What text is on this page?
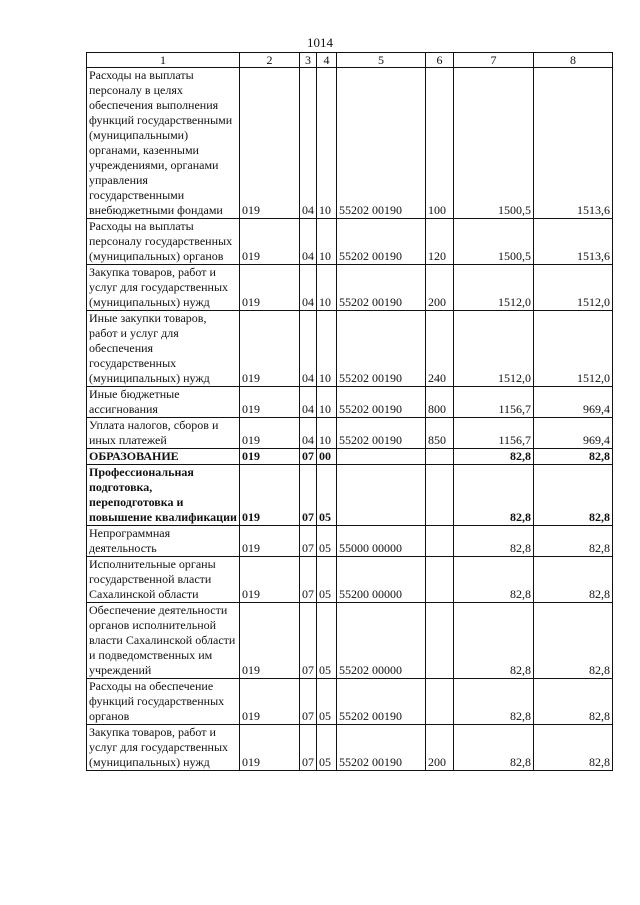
1014
1	2	3	4	5	6	7	8
Расходы на выплаты персоналу в целях обеспечения выполнения функций государственными (муниципальными) органами, казенными учреждениями, органами управления государственными внебюджетными фондами	019	04	10	55202 00190	100	1500,5	1513,6
Расходы на выплаты персоналу государственных (муниципальных) органов	019	04	10	55202 00190	120	1500,5	1513,6
Закупка товаров, работ и услуг для государственных (муниципальных) нужд	019	04	10	55202 00190	200	1512,0	1512,0
Иные закупки товаров, работ и услуг для обеспечения государственных (муниципальных) нужд	019	04	10	55202 00190	240	1512,0	1512,0
Иные бюджетные ассигнования	019	04	10	55202 00190	800	1156,7	969,4
Уплата налогов, сборов и иных платежей	019	04	10	55202 00190	850	1156,7	969,4
ОБРАЗОВАНИЕ	019	07	00			82,8	82,8
Профессиональная подготовка, переподготовка и повышение квалификации	019	07	05			82,8	82,8
Непрограммная деятельность	019	07	05	55000 00000		82,8	82,8
Исполнительные органы государственной власти Сахалинской области	019	07	05	55200 00000		82,8	82,8
Обеспечение деятельности органов исполнительной власти Сахалинской области и подведомственных им учреждений	019	07	05	55202 00000		82,8	82,8
Расходы на обеспечение функций государственных органов	019	07	05	55202 00190		82,8	82,8
Закупка товаров, работ и услуг для государственных (муниципальных) нужд	019	07	05	55202 00190	200	82,8	82,8
